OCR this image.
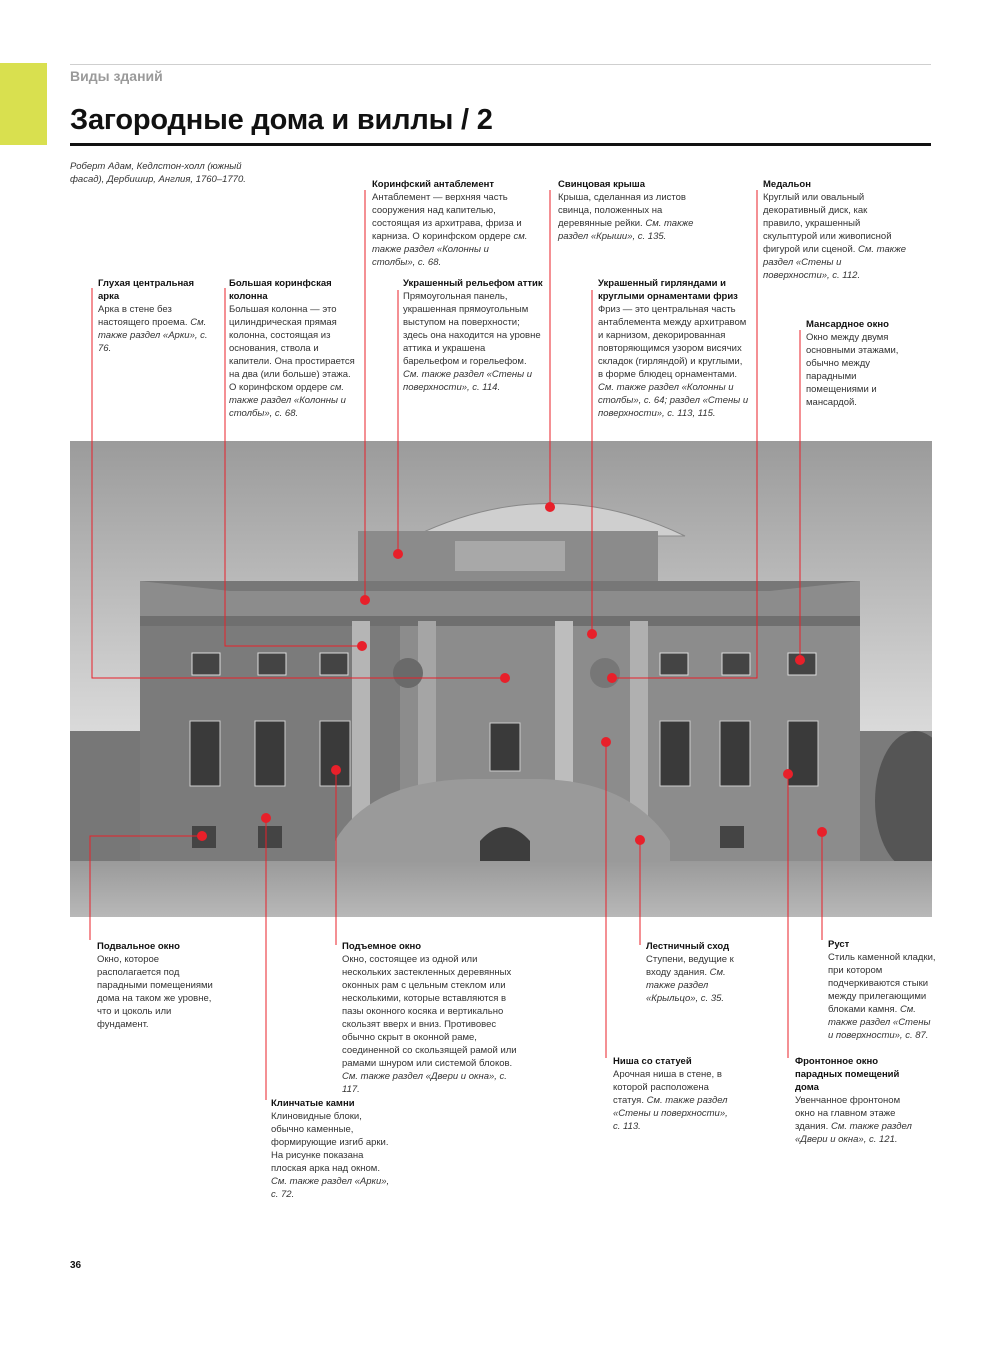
Виды зданий
Загородные дома и виллы / 2
Роберт Адам, Кедлстон-холл (южный фасад), Дербишир, Англия, 1760–1770.	Коринфский антаблемент
Антаблемент — верхняя часть сооружения над капителью, состоящая из архитрава, фриза и карниза. О коринфском ордере см. также раздел «Колонны и столбы», с. 68.
Свинцовая крыша
Крыша, сделанная из листов свинца, положенных на деревянные рейки. См. также раздел «Крыши», с. 135.
Медальон
Круглый или овальный декоративный диск, как правило, украшенный скульптурой или живописной фигурой или сценой. См. также раздел «Стены и поверхности», с. 112.
Глухая центральная арка
Арка в стене без настоящего проема. См. также раздел «Арки», с. 76.
Большая коринфская колонна
Большая колонна — это цилиндрическая прямая колонна, состоящая из основания, ствола и капители. Она простирается на два (или больше) этажа. О коринфском ордере см. также раздел «Колонны и столбы», с. 68.
Украшенный рельефом аттик
Прямоугольная панель, украшенная прямоугольным выступом на поверхности; здесь она находится на уровне аттика и украшена барельефом и горельефом. См. также раздел «Стены и поверхности», с. 114.
Украшенный гирляндами и круглыми орнаментами фриз
Фриз — это центральная часть антаблемента между архитравом и карнизом, декорированная повторяющимся узором висячих складок (гирляндой) и круглыми, в форме блюдец орнаментами. См. также раздел «Колонны и столбы», с. 64; раздел «Стены и поверхности», с. 113, 115.
Мансардное окно
Окно между двумя основными этажами, обычно между парадными помещениями и мансардой.
Подвальное окно
Окно, которое располагается под парадными помещениями дома на таком же уровне, что и цоколь или фундамент.
Подъемное окно
Окно, состоящее из одной или нескольких застекленных деревянных оконных рам с цельным стеклом или несколькими, которые вставляются в пазы оконного косяка и вертикально скользят вверх и вниз. Противовес обычно скрыт в оконной раме, соединенной со скользящей рамой или рамами шнуром или системой блоков. См. также раздел «Двери и окна», с. 117.
Лестничный сход
Ступени, ведущие к входу здания. См. также раздел «Крыльцо», с. 35.
Руст
Стиль каменной кладки, при котором подчеркиваются стыки между прилегающими блоками камня. См. также раздел «Стены и поверхности», с. 87.
Ниша со статуей
Арочная ниша в стене, в которой расположена статуя. См. также раздел «Стены и поверхности», с. 113.
Фронтонное окно парадных помещений дома
Увенчанное фронтоном окно на главном этаже здания. См. также раздел «Двери и окна», с. 121.
Клинчатые камни
Клиновидные блоки, обычно каменные, формирующие изгиб арки. На рисунке показана плоская арка над окном. См. также раздел «Арки», с. 72.
36
